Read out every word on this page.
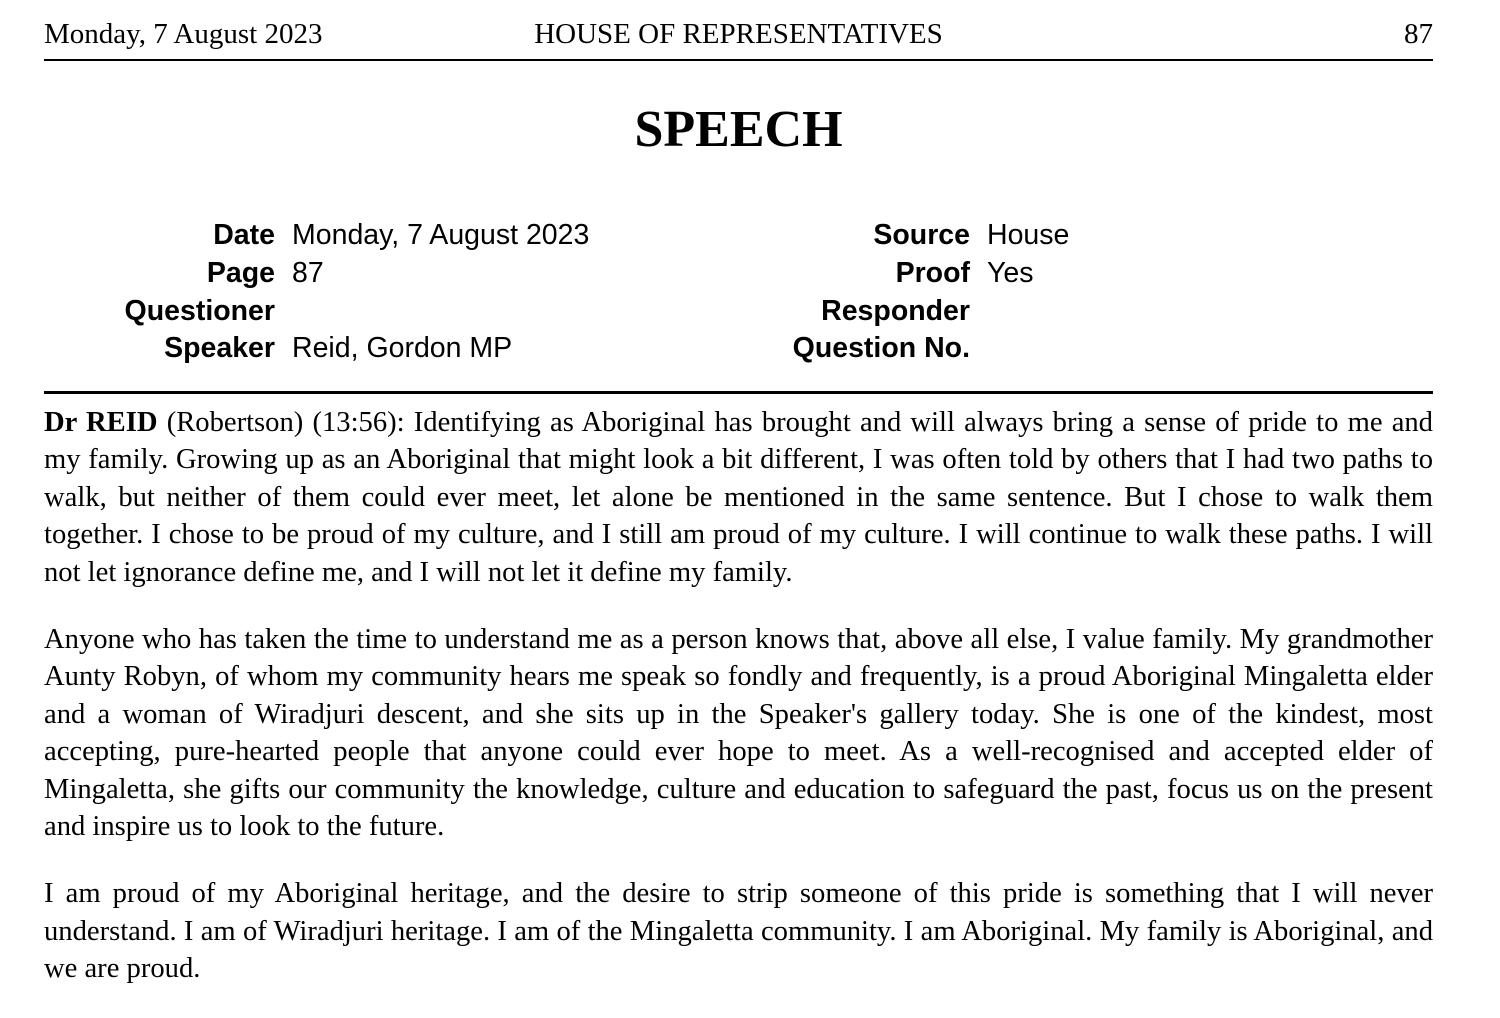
Monday, 7 August 2023	HOUSE OF REPRESENTATIVES	87
SPEECH
Date Monday, 7 August 2023	Source House
Page 87	Proof Yes
Questioner	Responder
Speaker Reid, Gordon MP	Question No.

Dr REID (Robertson) (13:56): Identifying as Aboriginal has brought and will always bring a sense of pride to me and my family. Growing up as an Aboriginal that might look a bit different, I was often told by others that I had two paths to walk, but neither of them could ever meet, let alone be mentioned in the same sentence. But I chose to walk them together. I chose to be proud of my culture, and I still am proud of my culture. I will continue to walk these paths. I will not let ignorance define me, and I will not let it define my family.

Anyone who has taken the time to understand me as a person knows that, above all else, I value family. My grandmother Aunty Robyn, of whom my community hears me speak so fondly and frequently, is a proud Aboriginal Mingaletta elder and a woman of Wiradjuri descent, and she sits up in the Speaker's gallery today. She is one of the kindest, most accepting, pure-hearted people that anyone could ever hope to meet. As a well-recognised and accepted elder of Mingaletta, she gifts our community the knowledge, culture and education to safeguard the past, focus us on the present and inspire us to look to the future.

I am proud of my Aboriginal heritage, and the desire to strip someone of this pride is something that I will never understand. I am of Wiradjuri heritage. I am of the Mingaletta community. I am Aboriginal. My family is Aboriginal, and we are proud.
